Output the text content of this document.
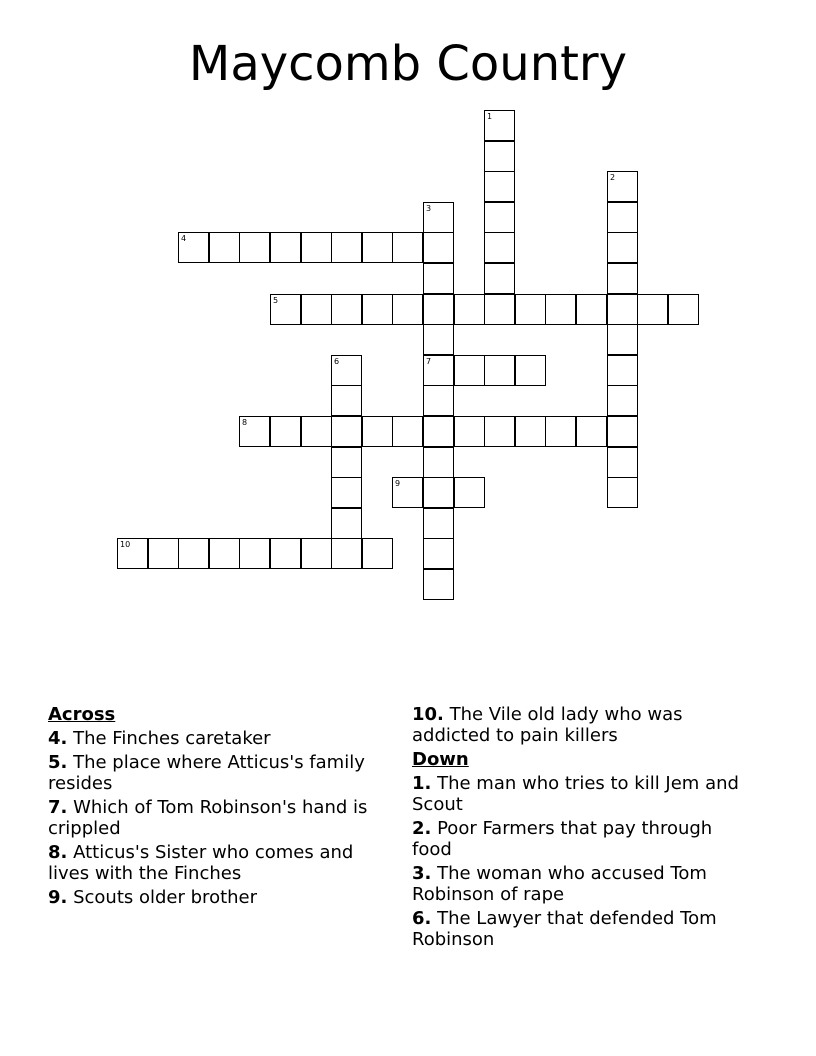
Maycomb Country
1
2
3
7
4
5
6
8
9
10
Across
4. The Finches caretaker
5. The place where Atticus's family resides
7. Which of Tom Robinson's hand is crippled
8. Atticus's Sister who comes and lives with the Finches
9. Scouts older brother
10. The Vile old lady who was addicted to pain killers
Down
1. The man who tries to kill Jem and Scout
2. Poor Farmers that pay through food
3. The woman who accused Tom Robinson of rape
6. The Lawyer that defended Tom Robinson
